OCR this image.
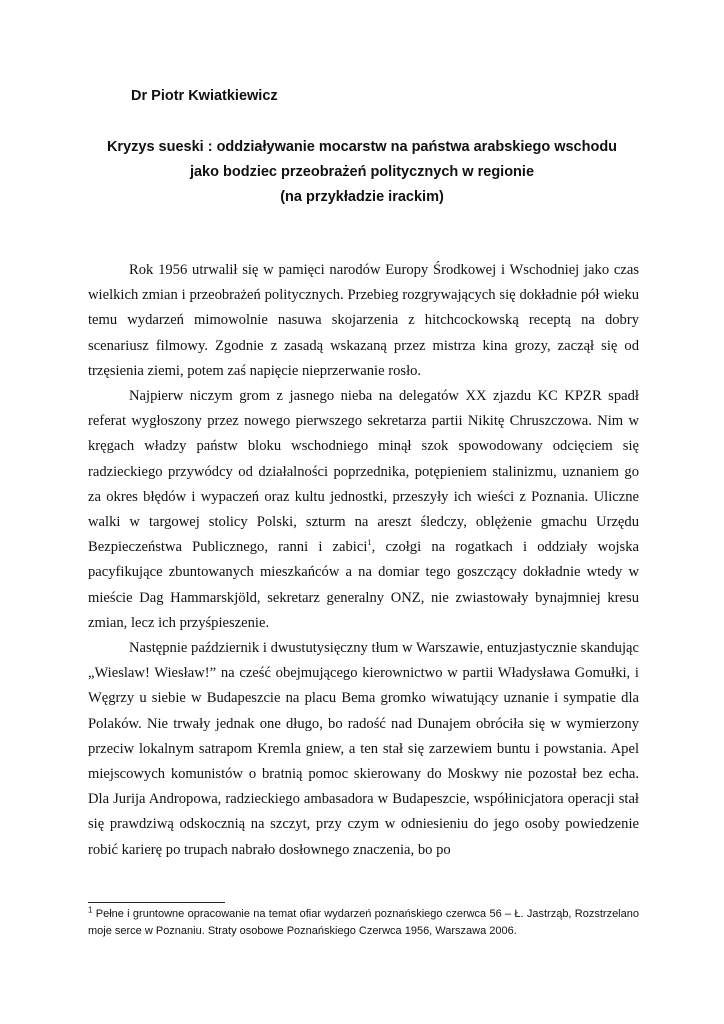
Dr Piotr Kwiatkiewicz

Kryzys sueski : oddziaływanie mocarstw na państwa arabskiego wschodu
jako bodziec przeobrażeń politycznych w regionie
(na przykładzie irackim)

Rok 1956 utrwalił się w pamięci narodów Europy Środkowej i Wschodniej jako czas wielkich zmian i przeobrażeń politycznych. Przebieg rozgrywających się dokładnie pół wieku temu wydarzeń mimowolnie nasuwa skojarzenia z hitchcockowską receptą na dobry scenariusz filmowy. Zgodnie z zasadą wskazaną przez mistrza kina grozy, zaczął się od trzęsienia ziemi, potem zaś napięcie nieprzerwanie rosło.

Najpierw niczym grom z jasnego nieba na delegatów XX zjazdu KC KPZR spadł referat wygłoszony przez nowego pierwszego sekretarza partii Nikitę Chruszczowa. Nim w kręgach władzy państw bloku wschodniego minął szok spowodowany odcięciem się radzieckiego przywódcy od działalności poprzednika, potępieniem stalinizmu, uznaniem go za okres błędów i wypaczeń oraz kultu jednostki, przeszyły ich wieści z Poznania. Uliczne walki w targowej stolicy Polski, szturm na areszt śledczy, oblężenie gmachu Urzędu Bezpieczeństwa Publicznego, ranni i zabici$^1$, czołgi na rogatkach i oddziały wojska pacyfikujące zbuntowanych mieszkańców a na domiar tego goszczący dokładnie wtedy w mieście Dag Hammarskjöld, sekretarz generalny ONZ, nie zwiastowały bynajmniej kresu zmian, lecz ich przyśpieszenie.

Następnie październik i dwustutysięczny tłum w Warszawie, entuzjastycznie skandując „Wieslaw! Wiesław!” na cześć obejmującego kierownictwo w partii Władysława Gomułki, i Węgrzy u siebie w Budapeszcie na placu Bema gromko wiwatujący uznanie i sympatie dla Polaków. Nie trwały jednak one długo, bo radość nad Dunajem obróciła się w wymierzony przeciw lokalnym satrapom Kremla gniew, a ten stał się zarzewiem buntu i powstania. Apel miejscowych komunistów o bratnią pomoc skierowany do Moskwy nie pozostał bez echa. Dla Jurija Andropowa, radzieckiego ambasadora w Budapeszcie, współinicjatora operacji stał się prawdziwą odskocznią na szczyt, przy czym w odniesieniu do jego osoby powiedzenie robić karierę po trupach nabrało dosłownego znaczenia, bo po

$^1$ Pełne i gruntowne opracowanie na temat ofiar wydarzeń poznańskiego czerwca 56 – Ł. Jastrząb, Rozstrzelano moje serce w Poznaniu. Straty osobowe Poznańskiego Czerwca 1956, Warszawa 2006.
